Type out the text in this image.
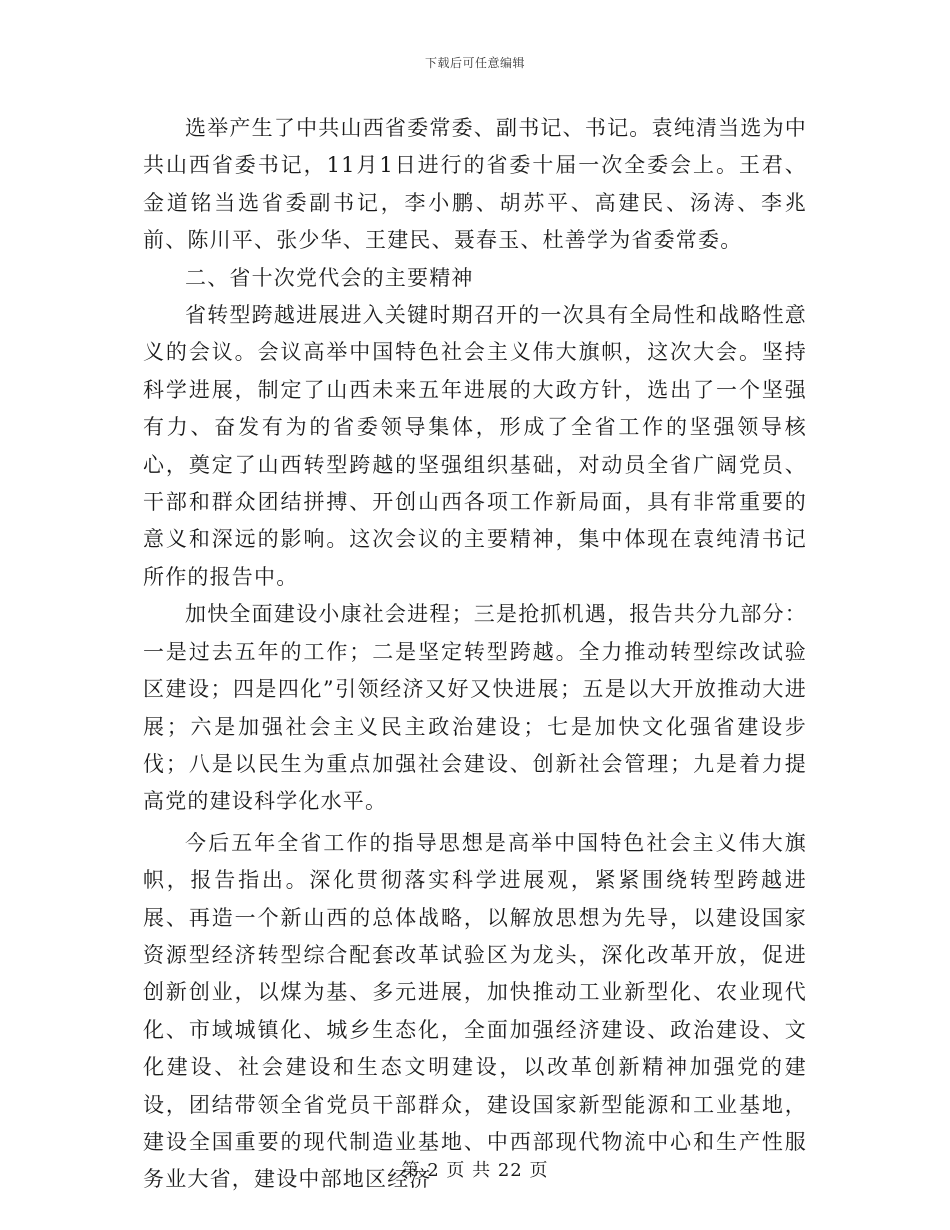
下载后可任意编辑

选举产生了中共山西省委常委、副书记、书记。袁纯清当选为中共山西省委书记，11月1日进行的省委十届一次全委会上。王君、金道铭当选省委副书记，李小鹏、胡苏平、高建民、汤涛、李兆前、陈川平、张少华、王建民、聂春玉、杜善学为省委常委。

二、省十次党代会的主要精神

省转型跨越进展进入关键时期召开的一次具有全局性和战略性意义的会议。会议高举中国特色社会主义伟大旗帜，这次大会。坚持科学进展，制定了山西未来五年进展的大政方针，选出了一个坚强有力、奋发有为的省委领导集体，形成了全省工作的坚强领导核心，奠定了山西转型跨越的坚强组织基础，对动员全省广阔党员、干部和群众团结拼搏、开创山西各项工作新局面，具有非常重要的意义和深远的影响。这次会议的主要精神，集中体现在袁纯清书记所作的报告中。

加快全面建设小康社会进程；三是抢抓机遇，报告共分九部分：一是过去五年的工作；二是坚定转型跨越。全力推动转型综改试验区建设；四是四化”引领经济又好又快进展；五是以大开放推动大进展；六是加强社会主义民主政治建设；七是加快文化强省建设步伐；八是以民生为重点加强社会建设、创新社会管理；九是着力提高党的建设科学化水平。

今后五年全省工作的指导思想是高举中国特色社会主义伟大旗帜，报告指出。深化贯彻落实科学进展观，紧紧围绕转型跨越进展、再造一个新山西的总体战略，以解放思想为先导，以建设国家资源型经济转型综合配套改革试验区为龙头，深化改革开放，促进创新创业，以煤为基、多元进展，加快推动工业新型化、农业现代化、市域城镇化、城乡生态化，全面加强经济建设、政治建设、文化建设、社会建设和生态文明建设，以改革创新精神加强党的建设，团结带领全省党员干部群众，建设国家新型能源和工业基地，建设全国重要的现代制造业基地、中西部现代物流中心和生产性服务业大省，建设中部地区经济

第 2 页 共 22 页
